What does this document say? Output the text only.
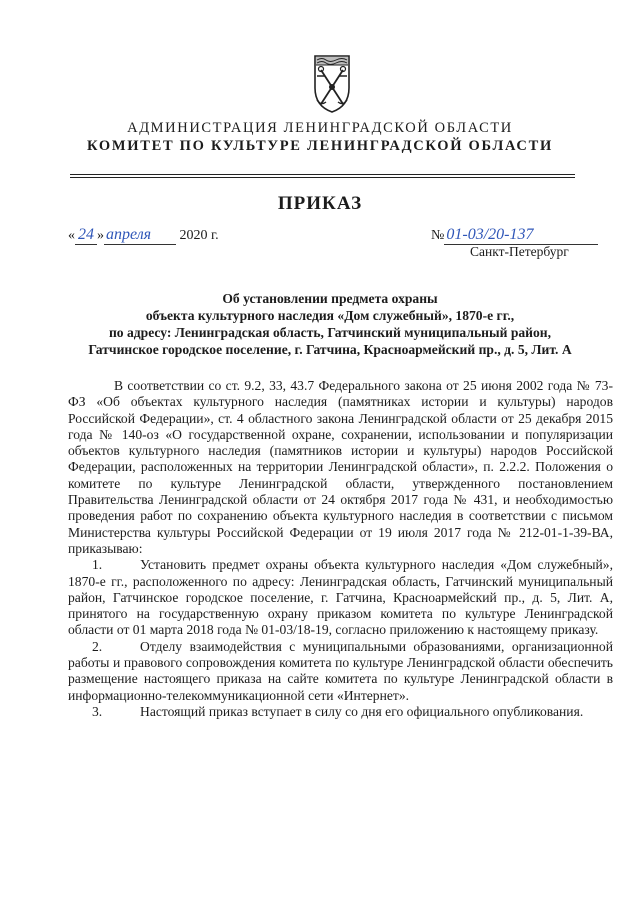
АДМИНИСТРАЦИЯ ЛЕНИНГРАДСКОЙ ОБЛАСТИ
КОМИТЕТ ПО КУЛЬТУРЕ ЛЕНИНГРАДСКОЙ ОБЛАСТИ
ПРИКАЗ
« 24 » апреля 2020 г.	№ 01-03/20-137
Санкт-Петербург
Об установлении предмета охраны
объекта культурного наследия «Дом служебный», 1870-е гг.,
по адресу: Ленинградская область, Гатчинский муниципальный район,
Гатчинское городское поселение, г. Гатчина, Красноармейский пр., д. 5, Лит. А

В соответствии со ст. 9.2, 33, 43.7 Федерального закона от 25 июня 2002 года № 73-ФЗ «Об объектах культурного наследия (памятниках истории и культуры) народов Российской Федерации», ст. 4 областного закона Ленинградской области от 25 декабря 2015 года № 140-оз «О государственной охране, сохранении, использовании и популяризации объектов культурного наследия (памятников истории и культуры) народов Российской Федерации, расположенных на территории Ленинградской области», п. 2.2.2. Положения о комитете по культуре Ленинградской области, утвержденного постановлением Правительства Ленинградской области от 24 октября 2017 года № 431, и необходимостью проведения работ по сохранению объекта культурного наследия в соответствии с письмом Министерства культуры Российской Федерации от 19 июля 2017 года № 212-01-1-39-ВА, приказываю:

1.	Установить предмет охраны объекта культурного наследия «Дом служебный», 1870-е гг., расположенного по адресу: Ленинградская область, Гатчинский муниципальный район, Гатчинское городское поселение, г. Гатчина, Красноармейский пр., д. 5, Лит. А, принятого на государственную охрану приказом комитета по культуре Ленинградской области от 01 марта 2018 года № 01-03/18-19, согласно приложению к настоящему приказу.

2.	Отделу взаимодействия с муниципальными образованиями, организационной работы и правового сопровождения комитета по культуре Ленинградской области обеспечить размещение настоящего приказа на сайте комитета по культуре Ленинградской области в информационно-телекоммуникационной сети «Интернет».

3.	Настоящий приказ вступает в силу со дня его официального опубликования.
